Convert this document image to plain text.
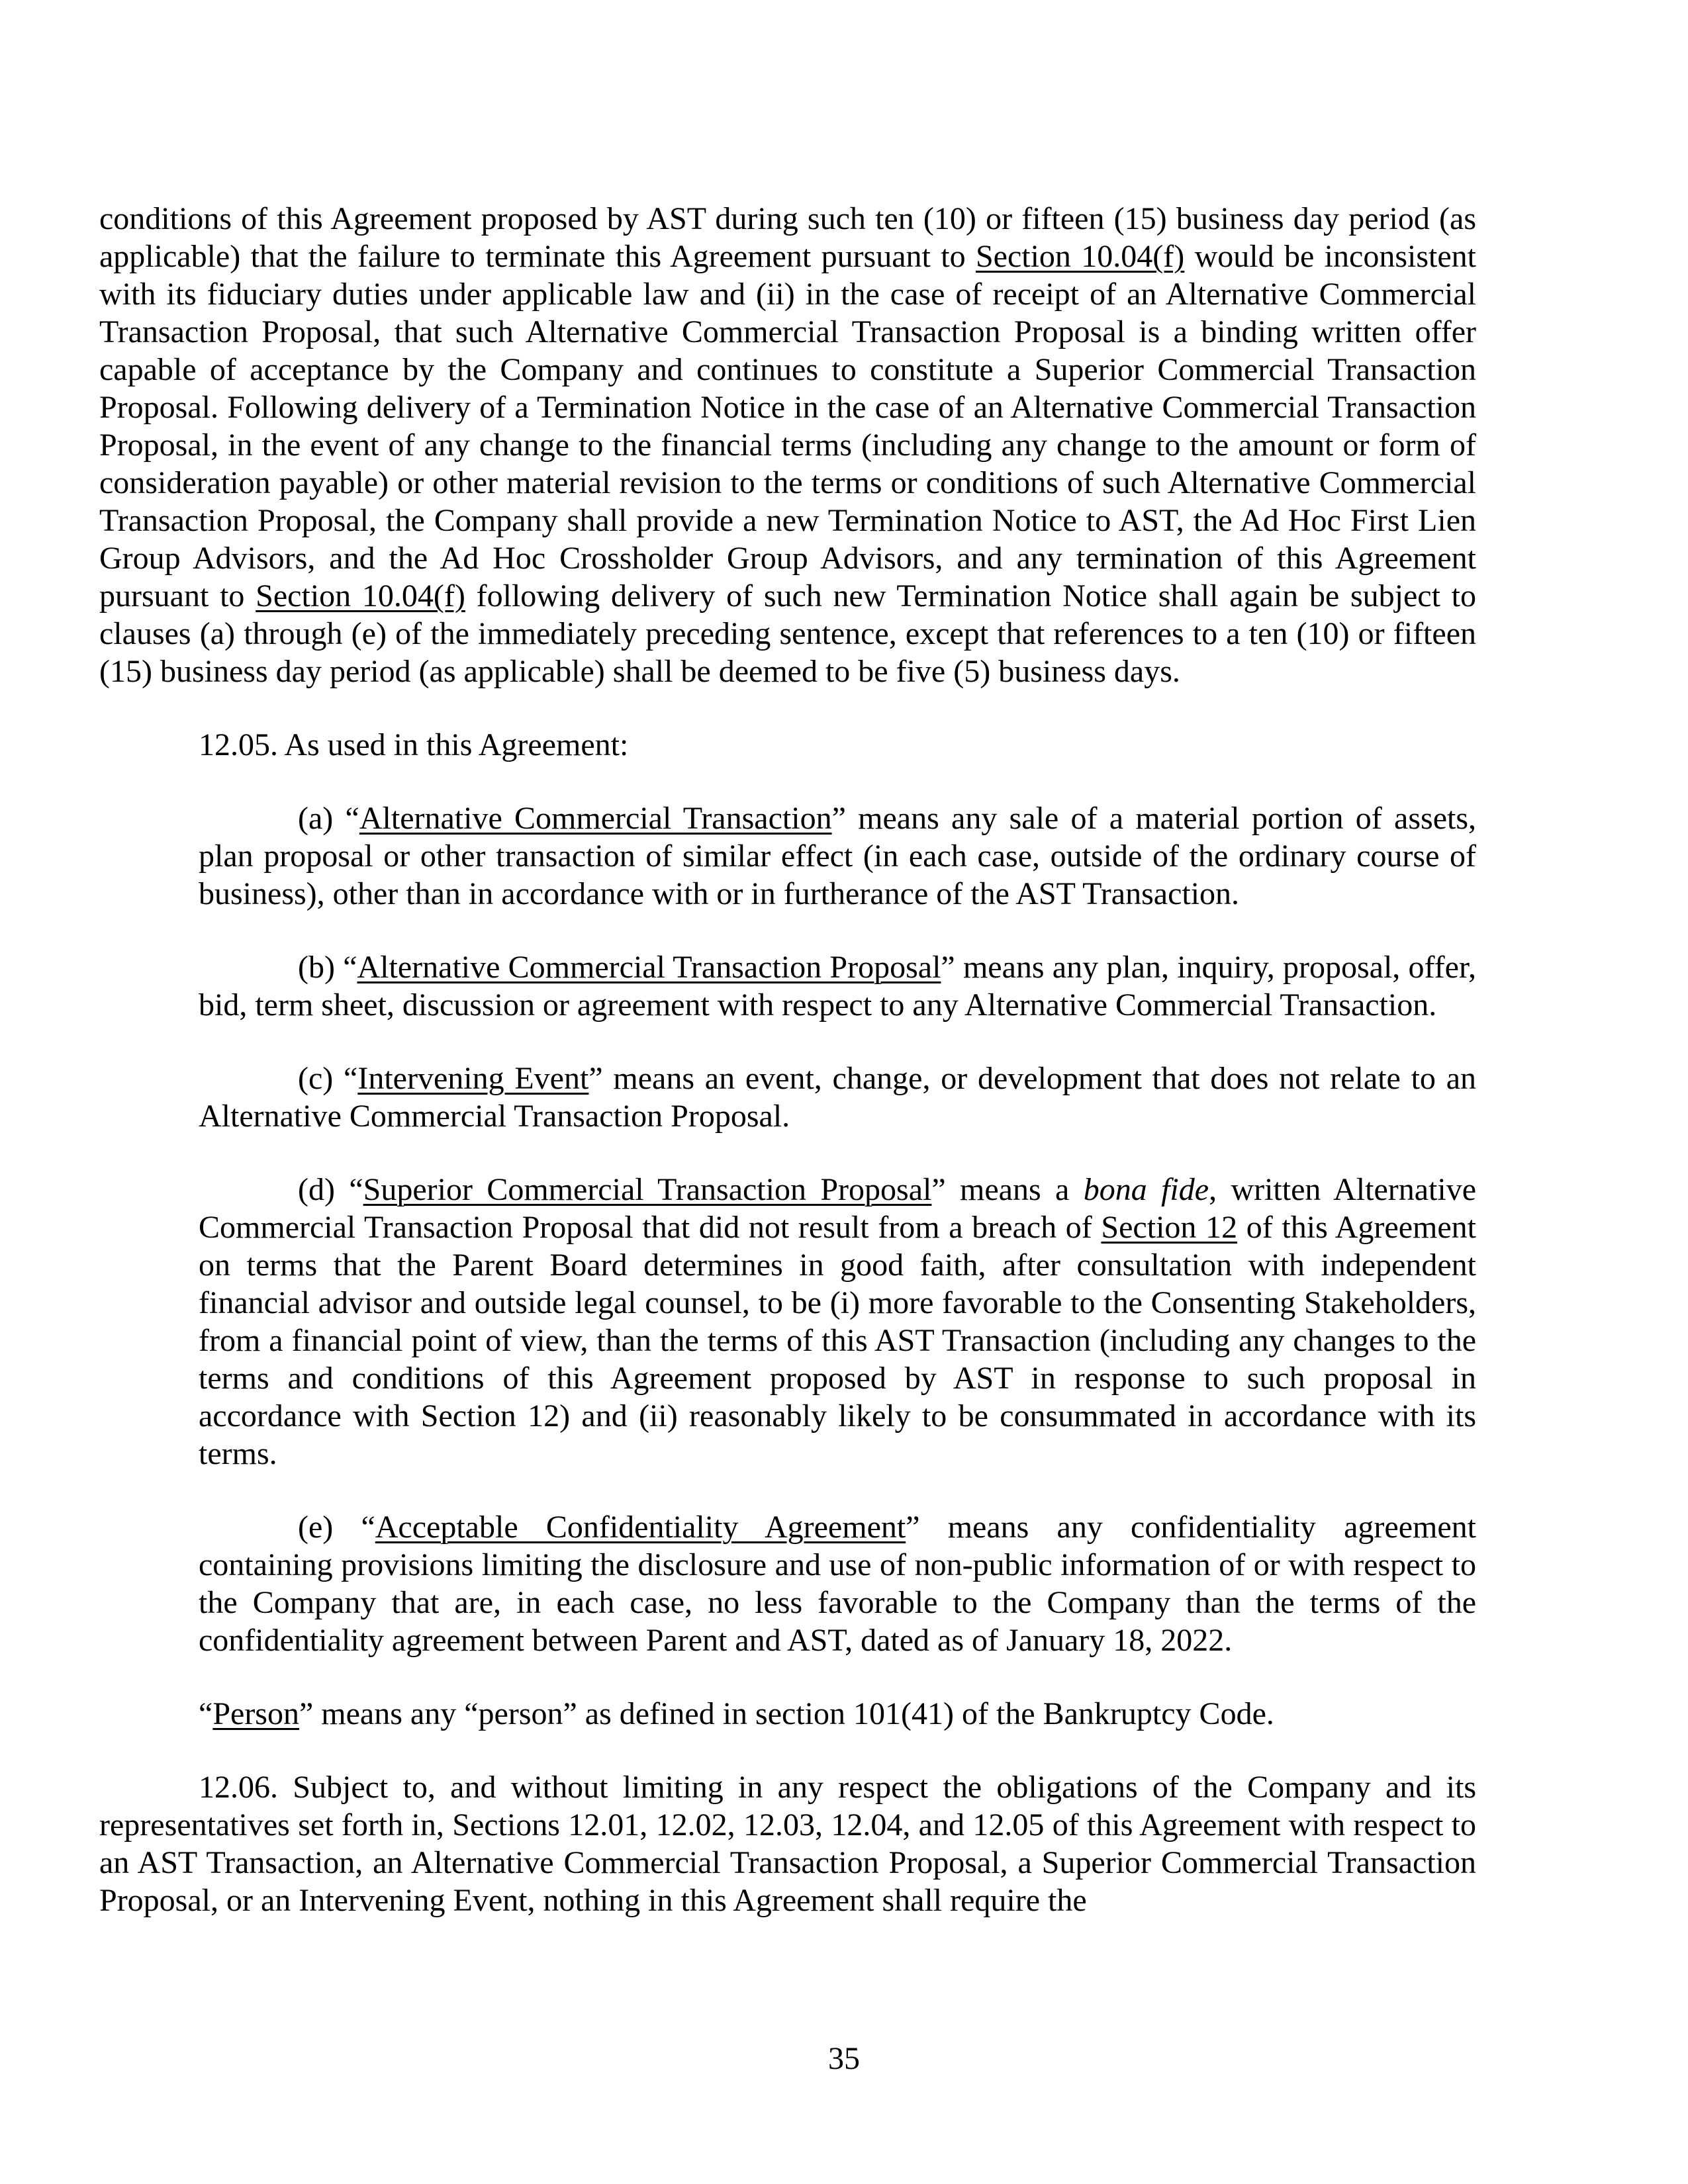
conditions of this Agreement proposed by AST during such ten (10) or fifteen (15) business day period (as applicable) that the failure to terminate this Agreement pursuant to Section 10.04(f) would be inconsistent with its fiduciary duties under applicable law and (ii) in the case of receipt of an Alternative Commercial Transaction Proposal, that such Alternative Commercial Transaction Proposal is a binding written offer capable of acceptance by the Company and continues to constitute a Superior Commercial Transaction Proposal. Following delivery of a Termination Notice in the case of an Alternative Commercial Transaction Proposal, in the event of any change to the financial terms (including any change to the amount or form of consideration payable) or other material revision to the terms or conditions of such Alternative Commercial Transaction Proposal, the Company shall provide a new Termination Notice to AST, the Ad Hoc First Lien Group Advisors, and the Ad Hoc Crossholder Group Advisors, and any termination of this Agreement pursuant to Section 10.04(f) following delivery of such new Termination Notice shall again be subject to clauses (a) through (e) of the immediately preceding sentence, except that references to a ten (10) or fifteen (15) business day period (as applicable) shall be deemed to be five (5) business days.

12.05. As used in this Agreement:

(a) “Alternative Commercial Transaction” means any sale of a material portion of assets, plan proposal or other transaction of similar effect (in each case, outside of the ordinary course of business), other than in accordance with or in furtherance of the AST Transaction.

(b) “Alternative Commercial Transaction Proposal” means any plan, inquiry, proposal, offer, bid, term sheet, discussion or agreement with respect to any Alternative Commercial Transaction.

(c) “Intervening Event” means an event, change, or development that does not relate to an Alternative Commercial Transaction Proposal.

(d) “Superior Commercial Transaction Proposal” means a bona fide, written Alternative Commercial Transaction Proposal that did not result from a breach of Section 12 of this Agreement on terms that the Parent Board determines in good faith, after consultation with independent financial advisor and outside legal counsel, to be (i) more favorable to the Consenting Stakeholders, from a financial point of view, than the terms of this AST Transaction (including any changes to the terms and conditions of this Agreement proposed by AST in response to such proposal in accordance with Section 12) and (ii) reasonably likely to be consummated in accordance with its terms.

(e) “Acceptable Confidentiality Agreement” means any confidentiality agreement containing provisions limiting the disclosure and use of non-public information of or with respect to the Company that are, in each case, no less favorable to the Company than the terms of the confidentiality agreement between Parent and AST, dated as of January 18, 2022.

“Person” means any “person” as defined in section 101(41) of the Bankruptcy Code.

12.06. Subject to, and without limiting in any respect the obligations of the Company and its representatives set forth in, Sections 12.01, 12.02, 12.03, 12.04, and 12.05 of this Agreement with respect to an AST Transaction, an Alternative Commercial Transaction Proposal, a Superior Commercial Transaction Proposal, or an Intervening Event, nothing in this Agreement shall require the

35
